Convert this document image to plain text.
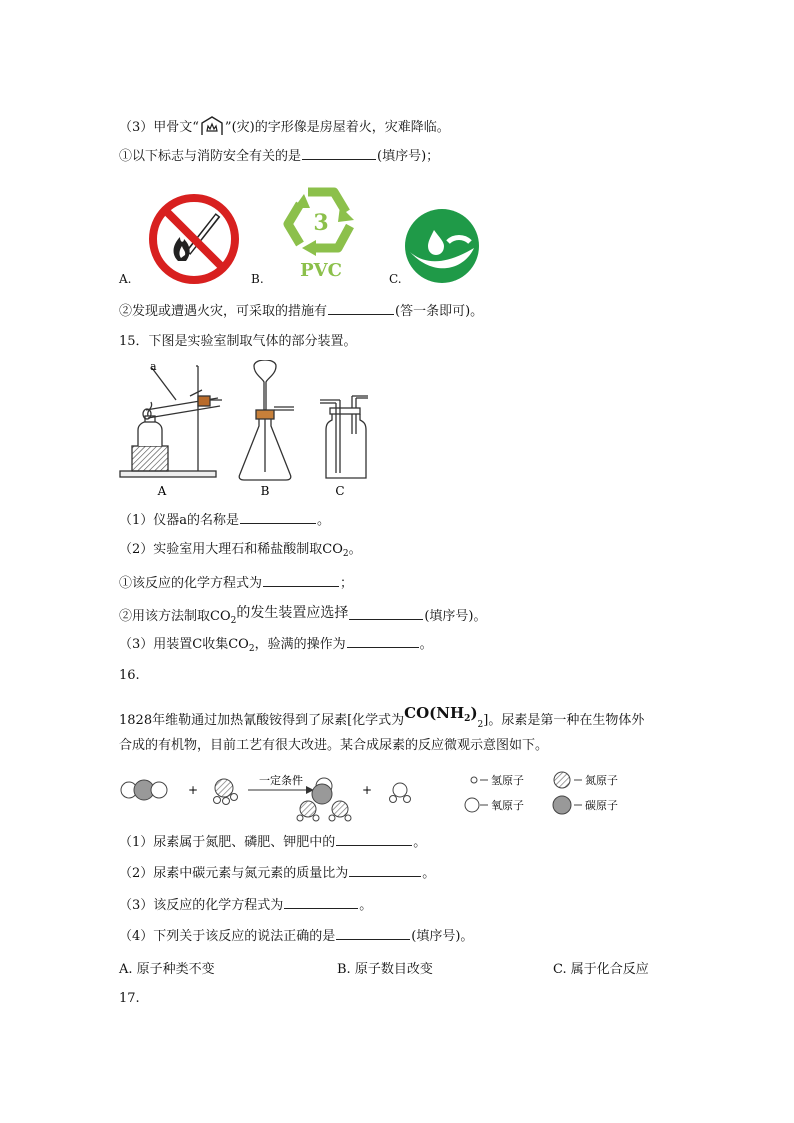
（3）甲骨文“ ”(灾)的字形像是房屋着火，灾难降临。
①以下标志与消防安全有关的是	(填序号)；
A.
3
PVC
B.	C.
②发现或遭遇火灾，可采取的措施有	(答一条即可)。
15．下图是实验室制取气体的部分装置。
a
A	B	C
（1）仪器a的名称是	。
（2）实验室用大理石和稀盐酸制取$CO_2$。
①该反应的化学方程式为	；
②用该方法制取$CO_2$的发生装置应选择	(填序号)。
（3）用装置C收集$CO_2$，验满的操作为	。
16.
1828年维勒通过加热氰酸铵得到了尿素[化学式为$CO(NH_2)_2$]。尿素是第一种在生物体外
合成的有机物，目前工艺有很大改进。某合成尿素的反应微观示意图如下。
+
一定条件
+
氢原子	氮原子
氧原子	碳原子
（1）尿素属于氮肥、磷肥、钾肥中的	。
（2）尿素中碳元素与氮元素的质量比为	。
（3）该反应的化学方程式为	。
（4）下列关于该反应的说法正确的是	(填序号)。
A. 原子种类不变	B. 原子数目改变	C. 属于化合反应
17.
